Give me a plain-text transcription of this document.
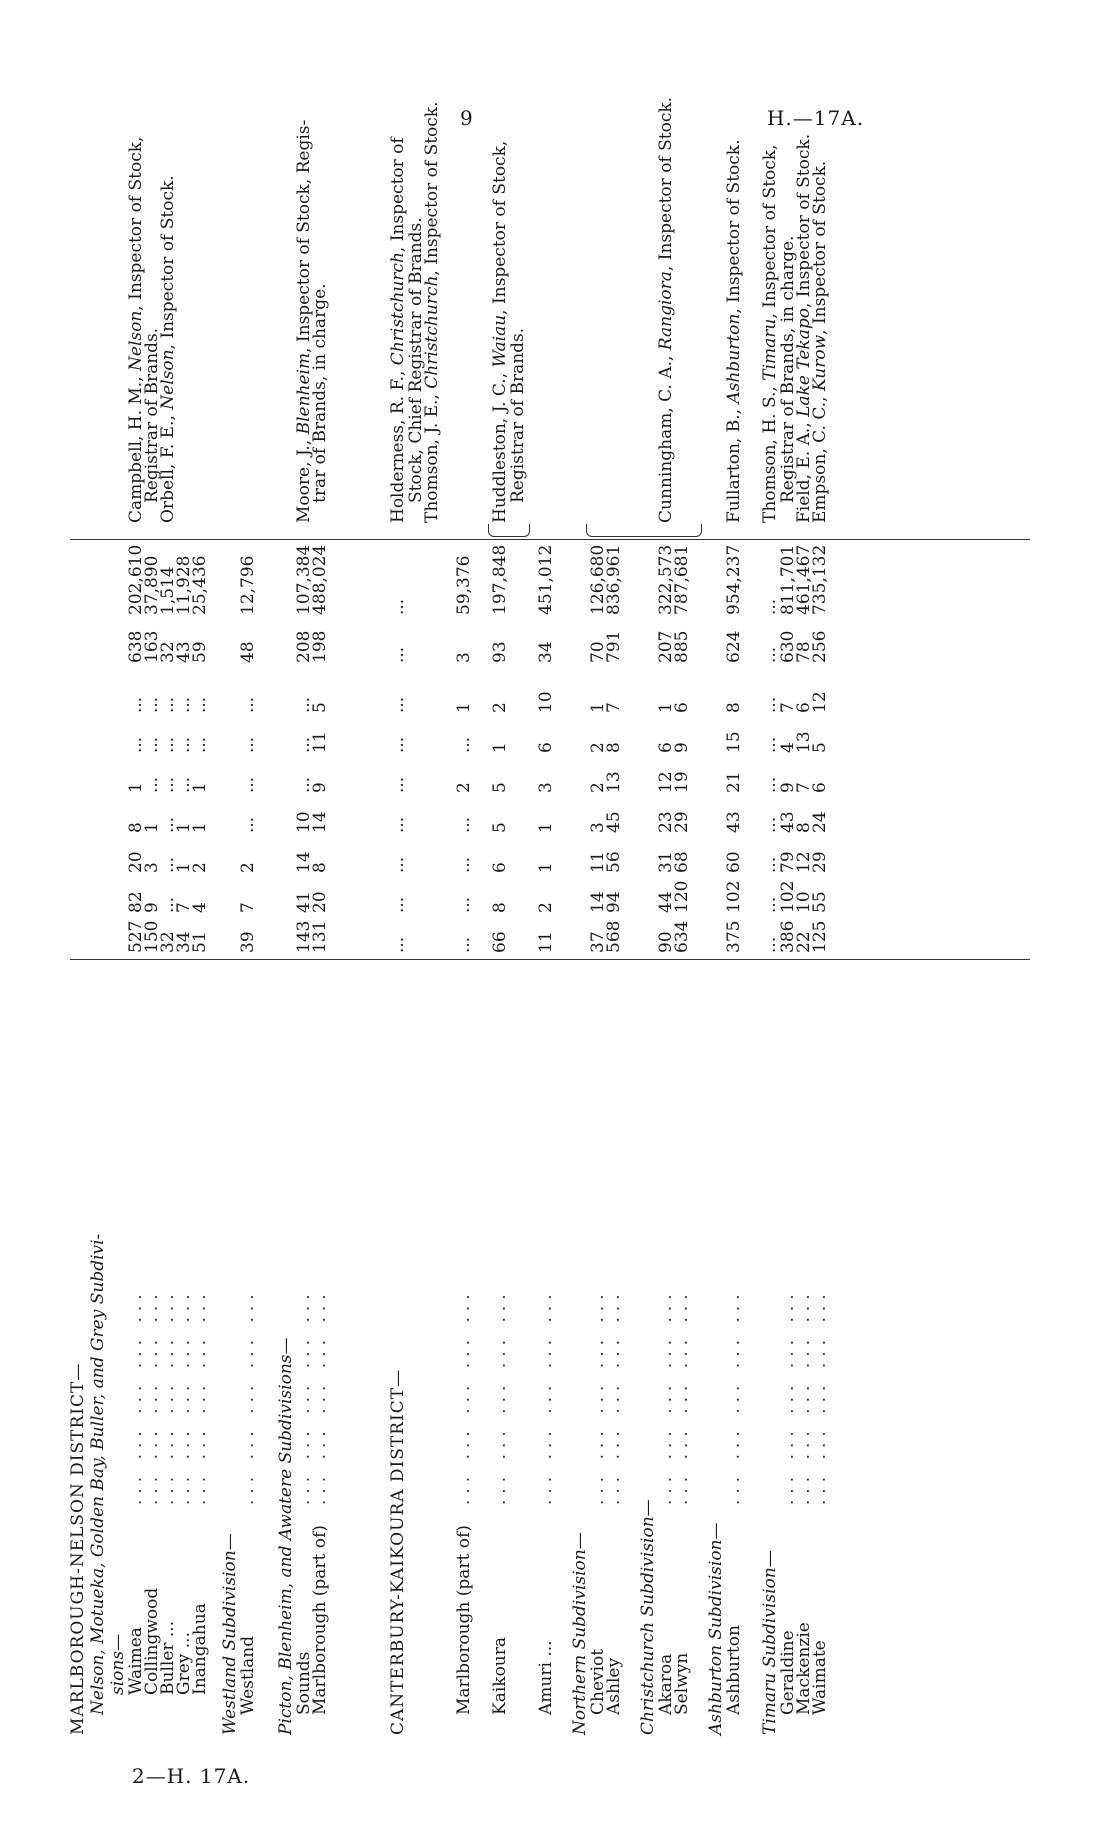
9	H.—17A.
2—H. 17A.
MARLBOROUGH-NELSON DISTRICT— Nelson, Motueka, Golden Bay, Buller, and Grey Subdivi- sions—
Waimea
... ... ... ... ...
527
82
20
8
1
...
...
638
202,610
Campbell, H. M., Nelson, Inspector of Stock,
Collingwood
... ... ... ... ...
150
9
3
1
...
...
...
163
37,890
Registrar of Brands.
Buller ...
... ... ... ... ...
32
...
...
...
...
...
...
32
1,514
Orbell, F. E., Nelson, Inspector of Stock.
Grey ...
... ... ... ... ...
34
7
1
1
...
...
...
43
11,928
Inangahua
... ... ... ... ...
51
4
2
1
1
...
...
59
25,436
Westland Subdivision—
Westland
... ... ... ... ...
39
7
2
...
...
...
...
48
12,796
Picton, Blenheim, and Awatere Subdivisions—
Sounds
... ... ... ... ...
143
41
14
10
...
...
...
208
107,384
Moore, J., Blenheim, Inspector of Stock, Regis-
Marlborough (part of)
... ... ... ... ...
131
20
8
14
9
11
5
198
488,024
trar of Brands, in charge.
CANTERBURY-KAIKOURA DISTRICT—
...
...
...
...
...
...
...
...
...
Holderness, R. F., Christchurch, Inspector of
Stock, Chief Registrar of Brands.
Thomson, J. E., Christchurch, Inspector of Stock.
Marlborough (part of)
... ... ... ... ...
...
...
...
...
2
...
1
3
59,376
Kaikoura
... ... ... ... ...
66
8
6
5
5
1
2
93
197,848
Huddleston, J. C., Waiau, Inspector of Stock,
Registrar of Brands.
Amuri ...
... ... ... ... ...
11
2
1
1
3
6
10
34
451,012
Northern Subdivision—
Cheviot
... ... ... ... ...
37
14
11
3
2
2
1
70
126,680
Ashley
... ... ... ... ...
568
94
56
45
13
8
7
791
836,961
Christchurch Subdivision—
Akaroa
... ... ... ... ...
90
44
31
23
12
6
1
207
322,573
Cunningham, C. A., Rangiora, Inspector of Stock.
Selwyn
... ... ... ... ...
634
120
68
29
19
9
6
885
787,681
Ashburton Subdivision—
Ashburton
... ... ... ... ...
375
102
60
43
21
15
8
624
954,237
Fullarton, B., Ashburton, Inspector of Stock.
Timaru Subdivision—
...
...
...
...
...
...
...
...
...
Thomson, H. S., Timaru, Inspector of Stock,
Geraldine
... ... ... ... ...
386
102
79
43
9
4
7
630
811,701
Registrar of Brands, in charge.
Mackenzie
... ... ... ... ...
22
10
12
8
7
13
6
78
461,467
Field, E. A., Lake Tekapo, Inspector of Stock.
Waimate
... ... ... ... ...
125
55
29
24
6
5
12
256
735,132
Empson, C. C., Kurow, Inspector of Stock.
